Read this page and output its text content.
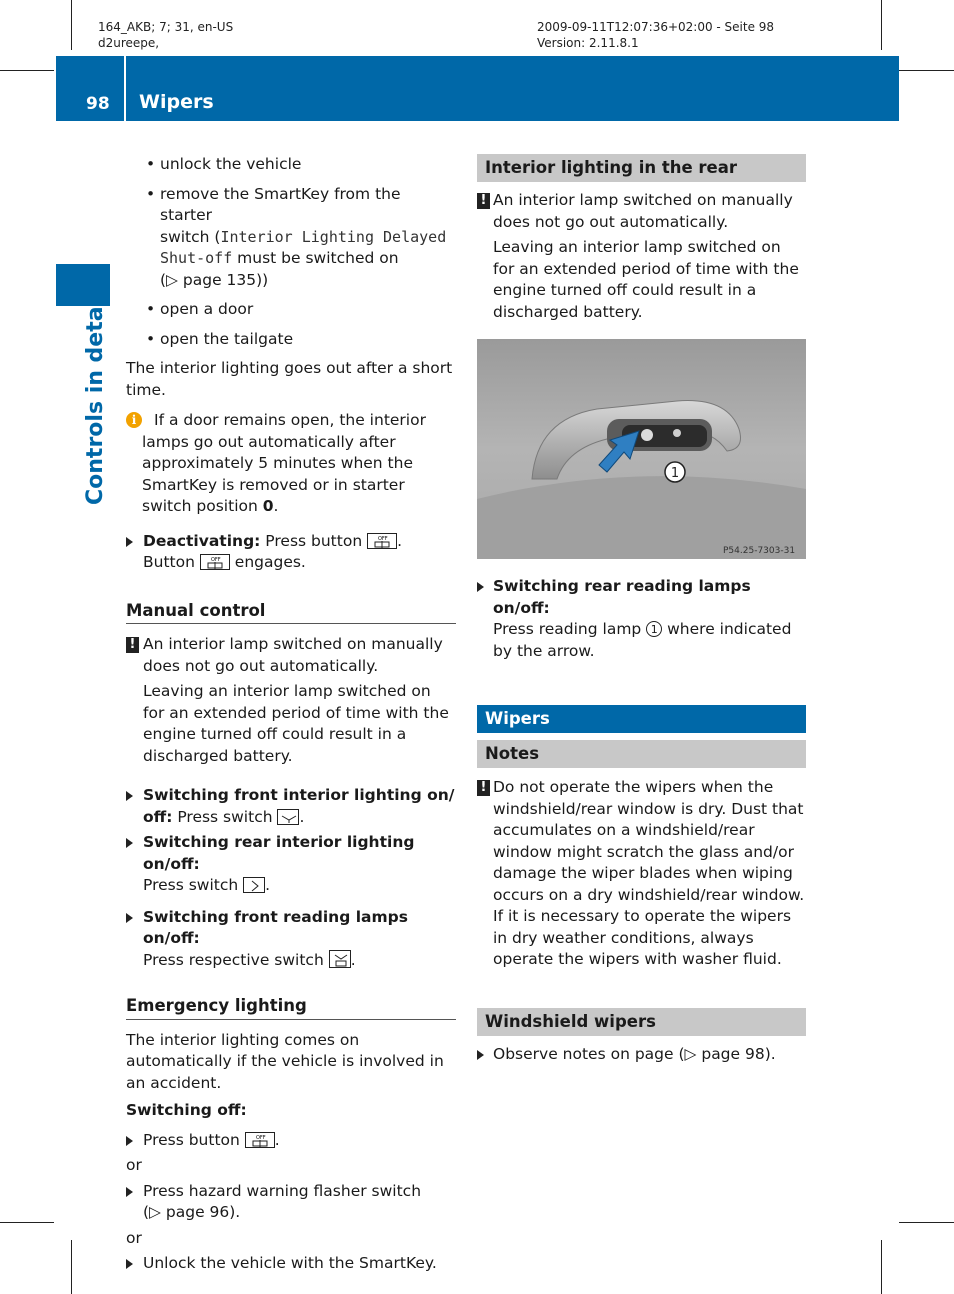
164_AKB; 7; 31, en-US
d2ureepe,
2009-09-11T12:07:36+02:00 - Seite 98
Version: 2.11.8.1
98 Wipers
Controls in detail
• unlock the vehicle
• remove the SmartKey from the starter
switch (Interior Lighting Delayed
Shut-off must be switched on
(▷ page 135))
• open a door
• open the tailgate

The interior lighting goes out after a short time.

i	If a door remains open, the interior lamps go out automatically after approximately 5 minutes when the SmartKey is removed or in starter switch position 0.
Deactivating: Press button OFF .
Button OFF engages.
Manual control
! An interior lamp switched on manually does not go out automatically.

Leaving an interior lamp switched on for an extended period of time with the engine turned off could result in a discharged battery.

Switching front interior lighting on/ off: Press switch
.
Switching rear interior lighting on/off:
Press switch
.
Switching front reading lamps on/off:
Press respective switch
.
Emergency lighting

The interior lighting comes on automatically if the vehicle is involved in an accident.

Switching off:

Press button OFF .

or

Press hazard warning flasher switch
(▷ page 96).

or

Unlock the vehicle with the SmartKey.
Interior lighting in the rear
! An interior lamp switched on manually does not go out automatically.

Leaving an interior lamp switched on for an extended period of time with the engine turned off could result in a discharged battery.

1
P54.25-7303-31
Switching rear reading lamps on/off:
Press reading lamp 1 where indicated by the arrow.
Wipers
Notes
! Do not operate the wipers when the windshield/rear window is dry. Dust that accumulates on a windshield/rear window might scratch the glass and/or damage the wiper blades when wiping occurs on a dry windshield/rear window. If it is necessary to operate the wipers in dry weather conditions, always operate the wipers with washer fluid.

Windshield wipers
Observe notes on page (▷ page 98).
